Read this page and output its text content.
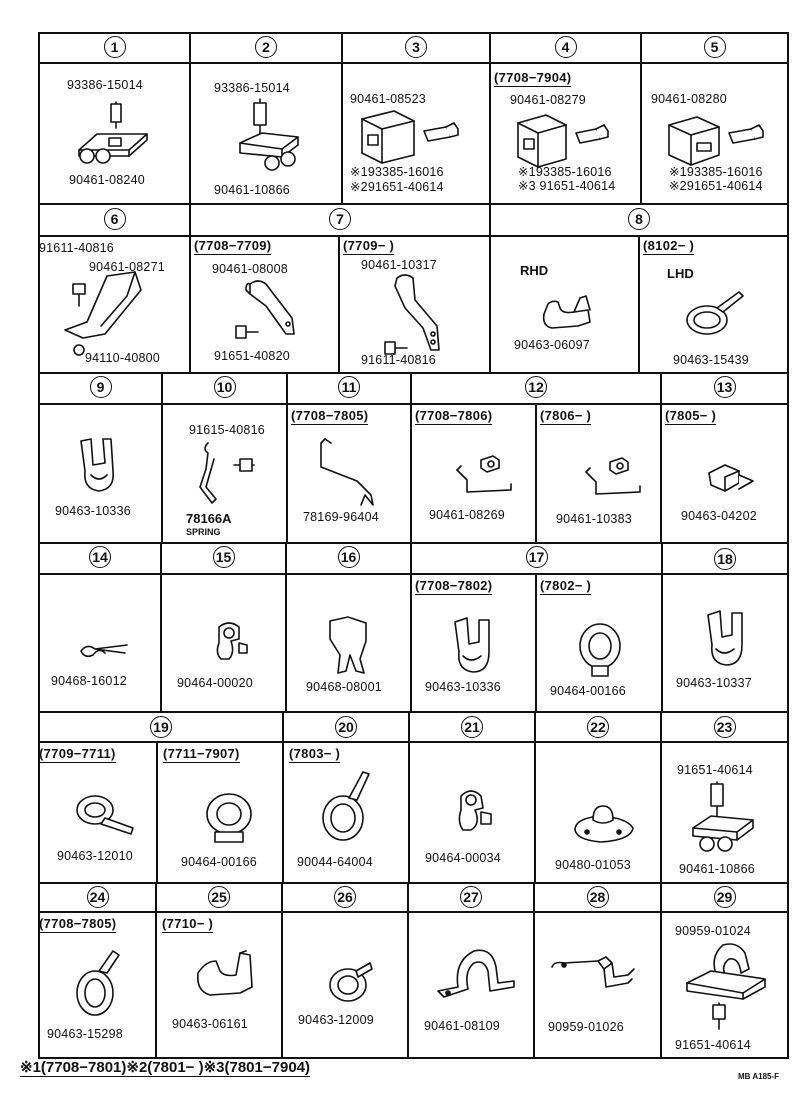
1
93386-15014
90461-08240
2
93386-15014
90461-10866
3
90461-08523
※193385-16016
※291651-40614
4
(7708−7904)
90461-08279
※193385-16016
※3 91651-40614
5
90461-08280
※193385-16016
※291651-40614
6
91611-40816
90461-08271
94110-40800
7
(7708−7709)
90461-08008
91651-40820
(7709− )
90461-10317
91611-40816
8
RHD
90463-06097
(8102− )
LHD
90463-15439
9
90463-10336
10
91615-40816
78166A
SPRING
11
(7708−7805)
78169-96404
12
(7708−7806)
90461-08269
(7806− )
90461-10383
13
(7805− )
90463-04202
14
90468-16012
15
90464-00020
16
90468-08001
17
(7708−7802)
90463-10336
(7802− )
90464-00166
18
90463-10337
19
(7709−7711)
90463-12010
(7711−7907)
90464-00166
20
(7803− )
90044-64004
21
90464-00034
22
90480-01053
23
91651-40614
90461-10866
24
(7708−7805)
90463-15298
25
(7710− )
90463-06161
26
90463-12009
27
90461-08109
28
90959-01026
29
90959-01024
91651-40614
※1(7708−7801)※2(7801− )※3(7801−7904)
MB A185-F
